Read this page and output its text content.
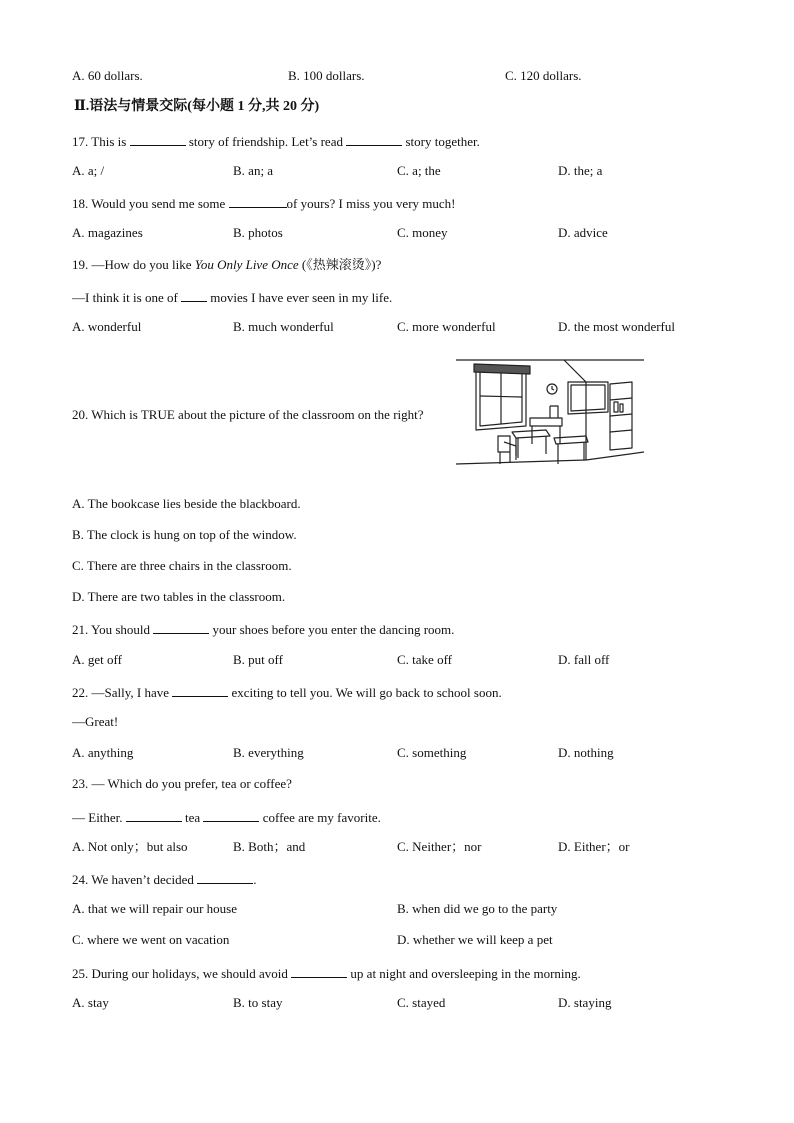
A. 60 dollars.	B. 100 dollars.	C. 120 dollars.
Ⅱ.语法与情景交际(每小题 1 分,共 20 分)
17. This is	story of friendship. Let’s read	story together.
A. a; /	B. an; a	C. a; the	D. the; a
18. Would you send me some	of yours? I miss you very much!
A. magazines	B. photos	C. money	D. advice
19. —How do you like You Only Live Once (《热辣滚烫》)?
—I think it is one of  movies I have ever seen in my life.
A. wonderful	B. much wonderful	C. more wonderful	D. the most wonderful
20. Which is TRUE about the picture of the classroom on the right?
A. The bookcase lies beside the blackboard.
B. The clock is hung on top of the window.
C. There are three chairs in the classroom.
D. There are two tables in the classroom.
21. You should	your shoes before you enter the dancing room.
A. get off	B. put off	C. take off	D. fall off
22. —Sally, I have	exciting to tell you. We will go back to school soon.
—Great!
A. anything	B. everything	C. something	D. nothing
23. — Which do you prefer, tea or coffee?
— Either.	tea	coffee are my favorite.
A. Not only；but also	B. Both；and	C. Neither；nor	D. Either；or
24. We haven’t decided	.
A. that we will repair our house	B. when did we go to the party
C. where we went on vacation	D. whether we will keep a pet
25. During our holidays, we should avoid	up at night and oversleeping in the morning.
A. stay	B. to stay	C. stayed	D. staying
